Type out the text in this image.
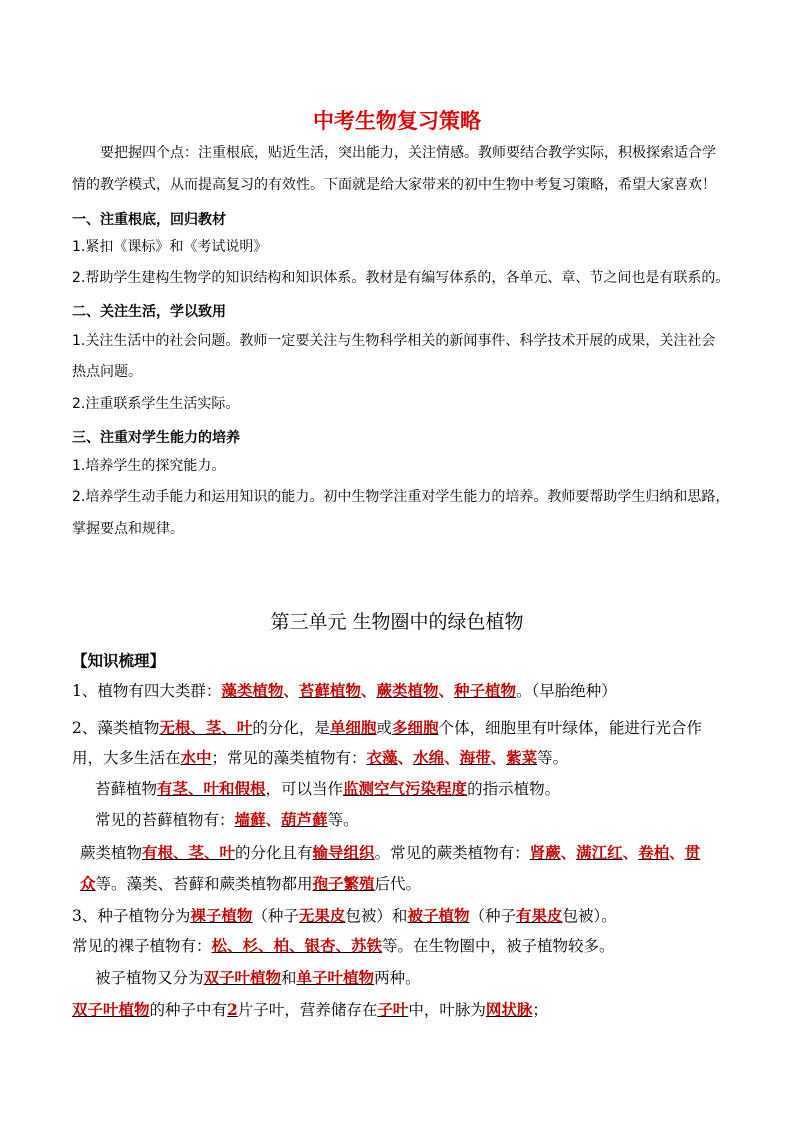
中考生物复习策略
要把握四个点：注重根底，贴近生活，突出能力，关注情感。教师要结合教学实际，积极探索适合学
情的教学模式，从而提高复习的有效性。下面就是给大家带来的初中生物中考复习策略，希望大家喜欢！
一、注重根底，回归教材
1.紧扣《课标》和《考试说明》
2.帮助学生建构生物学的知识结构和知识体系。教材是有编写体系的，各单元、章、节之间也是有联系的。
二、关注生活，学以致用
1.关注生活中的社会问题。教师一定要关注与生物科学相关的新闻事件、科学技术开展的成果，关注社会
热点问题。
2.注重联系学生生活实际。
三、注重对学生能力的培养
1.培养学生的探究能力。
2.培养学生动手能力和运用知识的能力。初中生物学注重对学生能力的培养。教师要帮助学生归纳和思路，
掌握要点和规律。
第三单元 生物圈中的绿色植物
【知识梳理】
1、植物有四大类群：藻类植物、苔藓植物、蕨类植物、种子植物。（早胎绝种）
2、藻类植物无根、茎、叶的分化，是单细胞或多细胞个体，细胞里有叶绿体，能进行光合作
用，大多生活在水中；常见的藻类植物有：衣藻、水绵、海带、紫菜等。
苔藓植物有茎、叶和假根，可以当作监测空气污染程度的指示植物。
常见的苔藓植物有：墙藓、葫芦藓等。
蕨类植物有根、茎、叶的分化且有输导组织。常见的蕨类植物有：肾蕨、满江红、卷柏、贯
众等。藻类、苔藓和蕨类植物都用孢子繁殖后代。
3、种子植物分为裸子植物（种子无果皮包被）和被子植物（种子有果皮包被）。
常见的裸子植物有：松、杉、柏、银杏、苏铁等。在生物圈中，被子植物较多。
被子植物又分为双子叶植物和单子叶植物两种。
双子叶植物的种子中有2片子叶，营养储存在子叶中，叶脉为网状脉；
